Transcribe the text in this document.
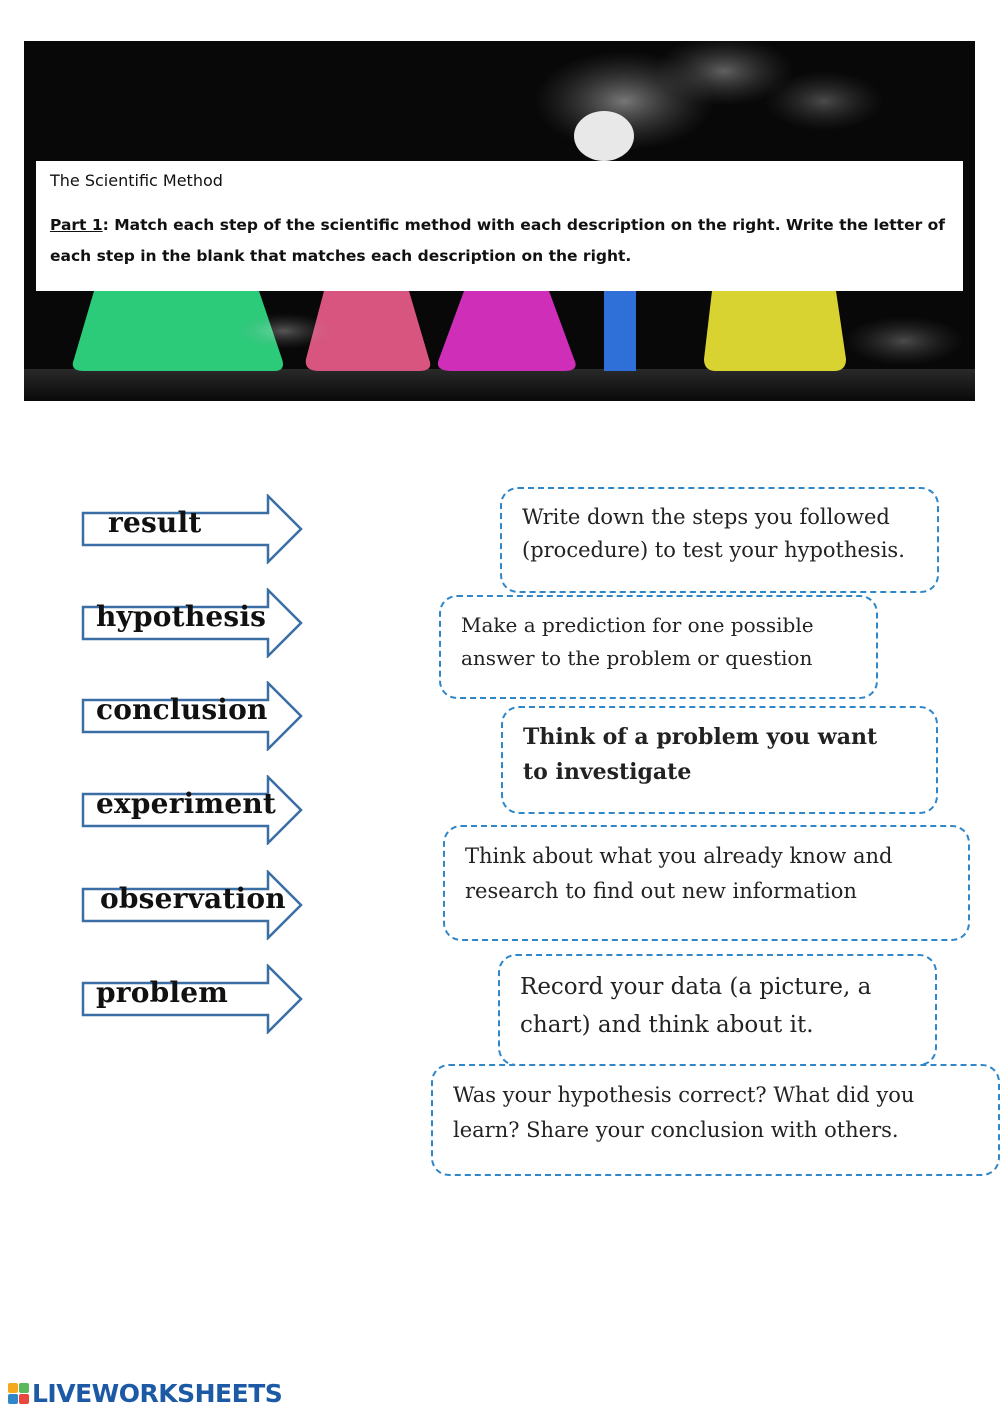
The Scientific Method
Part 1: Match each step of the scientific method with each description on the right. Write the letter of each step in the blank that matches each description on the right.
result
hypothesis
conclusion
experiment
observation
problem
Write down the steps you followed
(procedure) to test your hypothesis.
Make a prediction for one possible
answer to the problem or question
Think of a problem you want
to investigate
Think about what you already know and
research to find out new information
Record your data (a picture, a
chart) and think about it.
Was your hypothesis correct? What did you
learn? Share your conclusion with others.
LIVEWORKSHEETS
